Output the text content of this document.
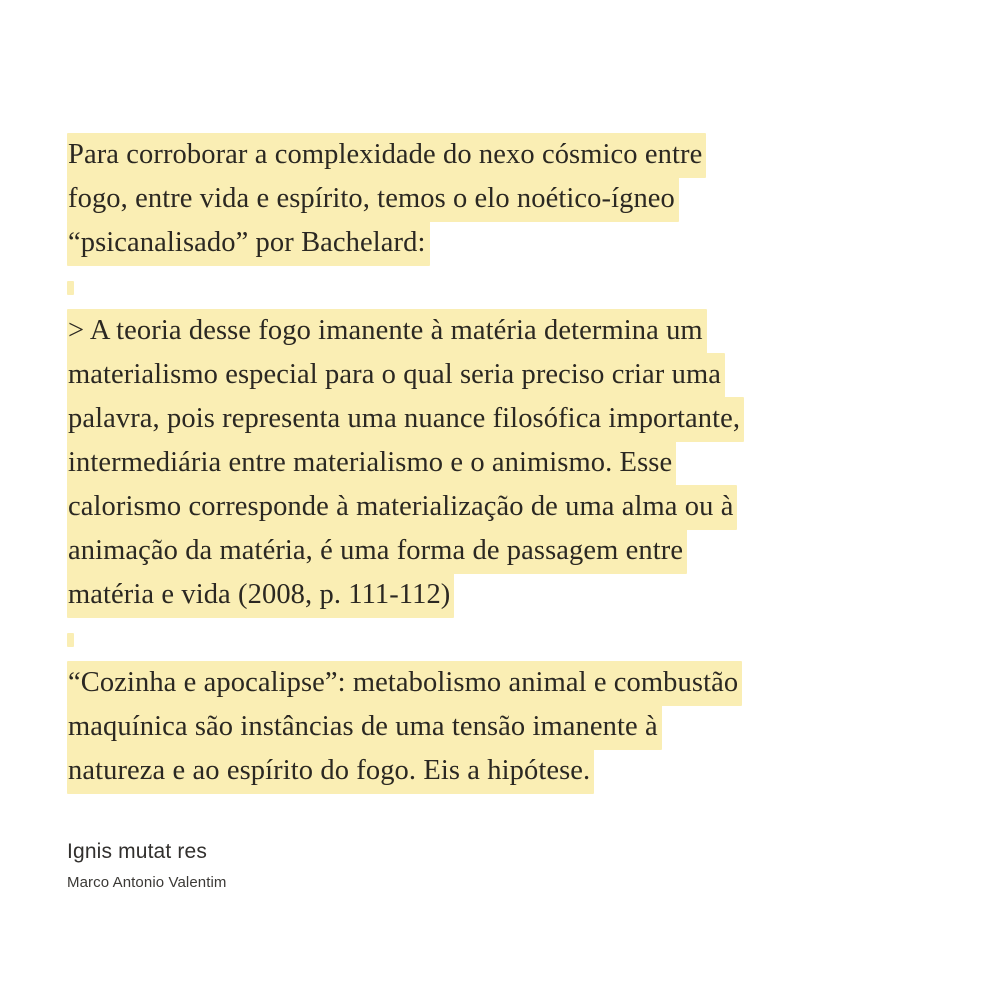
Para corroborar a complexidade do nexo cósmico entre
fogo, entre vida e espírito, temos o elo noético-ígneo
“psicanalisado” por Bachelard:
> A teoria desse fogo imanente à matéria determina um
materialismo especial para o qual seria preciso criar uma
palavra, pois representa uma nuance filosófica importante,
intermediária entre materialismo e o animismo. Esse
calorismo corresponde à materialização de uma alma ou à
animação da matéria, é uma forma de passagem entre
matéria e vida (2008, p. 111-112)
“Cozinha e apocalipse”: metabolismo animal e combustão
maquínica são instâncias de uma tensão imanente à
natureza e ao espírito do fogo. Eis a hipótese.
Ignis mutat res
Marco Antonio Valentim
